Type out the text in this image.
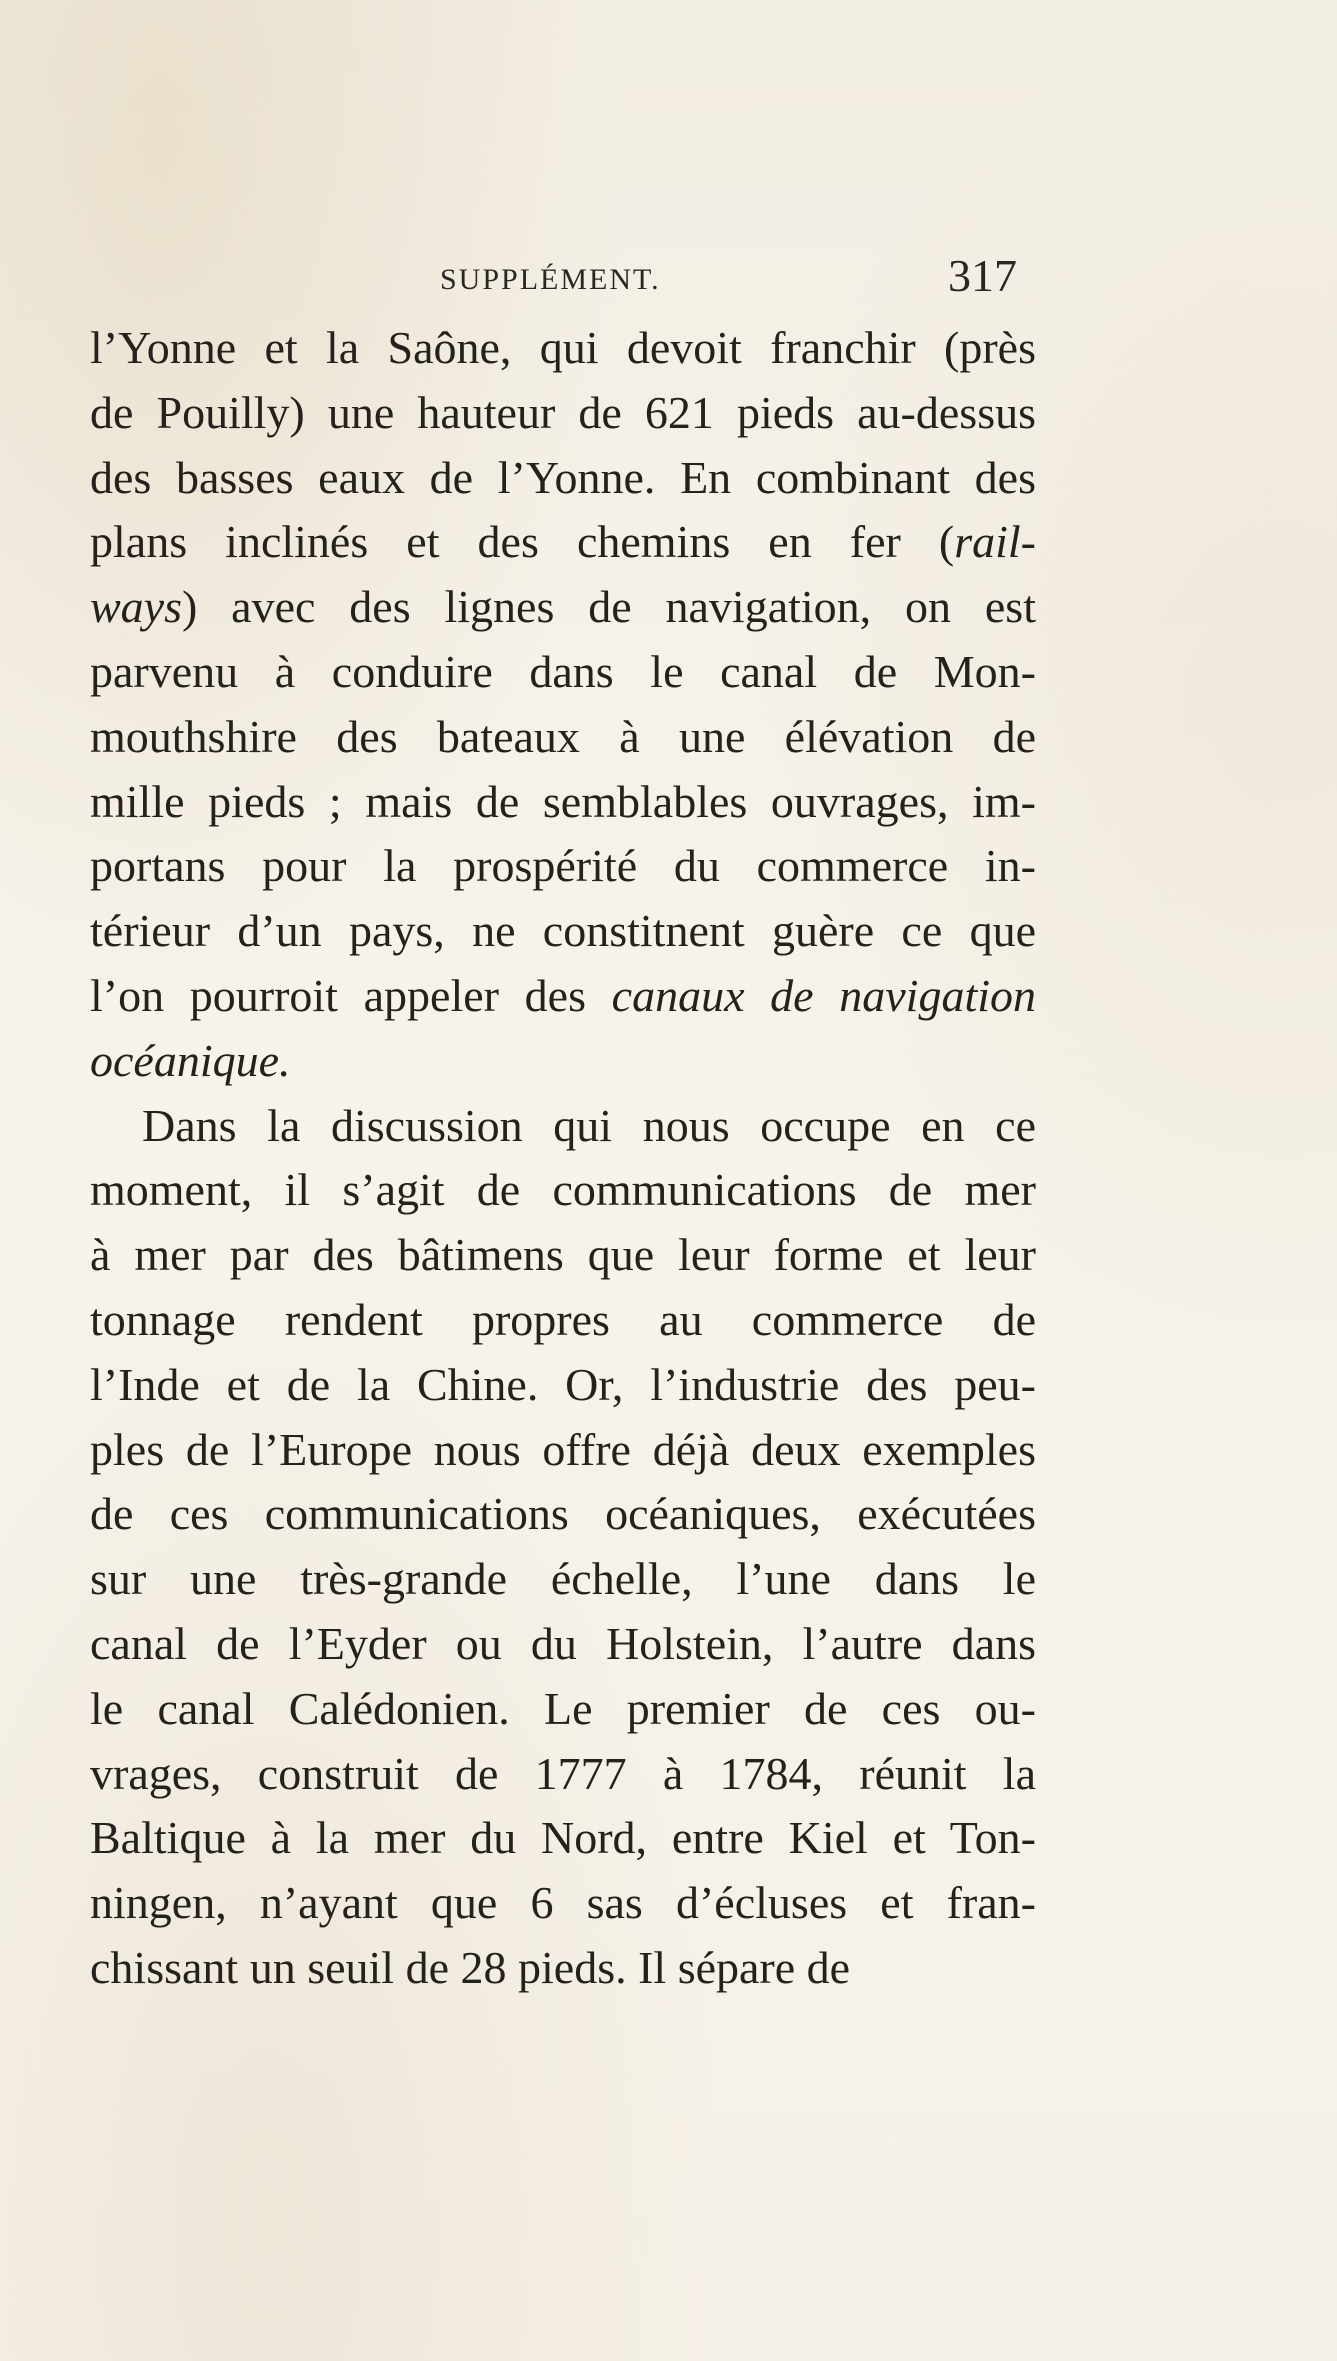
SUPPLÉMENT.	317
l’Yonne et la Saône, qui devoit franchir (près
de Pouilly) une hauteur de 621 pieds au-dessus
des basses eaux de l’Yonne. En combinant des
plans inclinés et des chemins en fer (rail-
ways) avec des lignes de navigation, on est
parvenu à conduire dans le canal de Mon-
mouthshire des bateaux à une élévation de
mille pieds ; mais de semblables ouvrages, im-
portans pour la prospérité du commerce in-
térieur d’un pays, ne constitnent guère ce que
l’on pourroit appeler des canaux de navigation
océanique.
Dans la discussion qui nous occupe en ce
moment, il s’agit de communications de mer
à mer par des bâtimens que leur forme et leur
tonnage rendent propres au commerce de
l’Inde et de la Chine. Or, l’industrie des peu-
ples de l’Europe nous offre déjà deux exemples
de ces communications océaniques, exécutées
sur une très-grande échelle, l’une dans le
canal de l’Eyder ou du Holstein, l’autre dans
le canal Calédonien. Le premier de ces ou-
vrages, construit de 1777 à 1784, réunit la
Baltique à la mer du Nord, entre Kiel et Ton-
ningen, n’ayant que 6 sas d’écluses et fran-
chissant un seuil de 28 pieds. Il sépare de
